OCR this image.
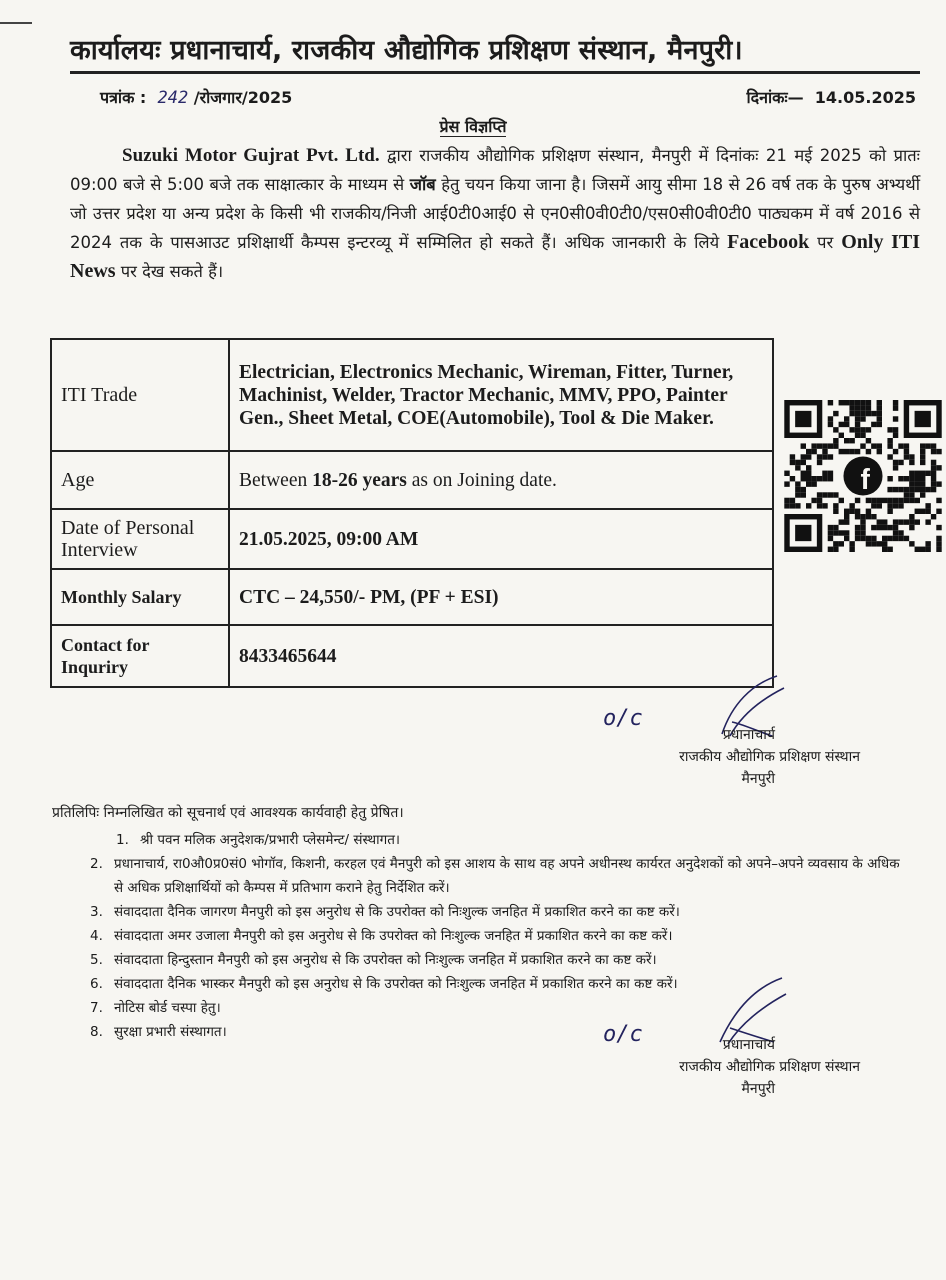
कार्यालयः प्रधानाचार्य, राजकीय औद्योगिक प्रशिक्षण संस्थान, मैनपुरी।
पत्रांक : 242 /रोजगार/2025	दिनांकः— 14.05.2025
प्रेस विज्ञप्ति
Suzuki Motor Gujrat Pvt. Ltd. द्वारा राजकीय औद्योगिक प्रशिक्षण संस्थान, मैनपुरी में दिनांकः 21 मई 2025 को प्रातः 09:00 बजे से 5:00 बजे तक साक्षात्कार के माध्यम से जॉब हेतु चयन किया जाना है। जिसमें आयु सीमा 18 से 26 वर्ष तक के पुरुष अभ्यर्थी जो उत्तर प्रदेश या अन्य प्रदेश के किसी भी राजकीय/निजी आई0टी0आई0 से एन0सी0वी0टी0/एस0सी0वी0टी0 पाठ्यकम में वर्ष 2016 से 2024 तक के पासआउट प्रशिक्षार्थी कैम्पस इन्टरव्यू में सम्मिलित हो सकते हैं। अधिक जानकारी के लिये Facebook पर Only ITI News पर देख सकते हैं।
ITI Trade	Electrician, Electronics Mechanic, Wireman, Fitter, Turner, Machinist, Welder, Tractor Mechanic, MMV, PPO, Painter Gen., Sheet Metal, COE(Automobile), Tool & Die Maker.
Age	Between 18-26 years as on Joining date.
Date of Personal Interview	21.05.2025, 09:00 AM
Monthly Salary	CTC – 24,550/- PM, (PF + ESI)
Contact for Inquriry	8433465644
f
o/c
प्रधानाचार्य
राजकीय औद्योगिक प्रशिक्षण संस्थान
मैनपुरी
प्रतिलिपिः निम्नलिखित को सूचनार्थ एवं आवश्यक कार्यवाही हेतु प्रेषित।
1. श्री पवन मलिक अनुदेशक/प्रभारी प्लेसमेन्ट/ संस्थागत।
2. प्रधानाचार्य, रा0औ0प्र0सं0 भोगॉव, किशनी, करहल एवं मैनपुरी को इस आशय के साथ वह अपने अधीनस्थ कार्यरत अनुदेशकों को अपने–अपने व्यवसाय के अधिक से अधिक प्रशिक्षार्थियों को कैम्पस में प्रतिभाग कराने हेतु निर्देशित करें।
3. संवाददाता दैनिक जागरण मैनपुरी को इस अनुरोध से कि उपरोक्त को निःशुल्क जनहित में प्रकाशित करने का कष्ट करें।
4. संवाददाता अमर उजाला मैनपुरी को इस अनुरोध से कि उपरोक्त को निःशुल्क जनहित में प्रकाशित करने का कष्ट करें।
5. संवाददाता हिन्दुस्तान मैनपुरी को इस अनुरोध से कि उपरोक्त को निःशुल्क जनहित में प्रकाशित करने का कष्ट करें।
6. संवाददाता दैनिक भास्कर मैनपुरी को इस अनुरोध से कि उपरोक्त को निःशुल्क जनहित में प्रकाशित करने का कष्ट करें।
7. नोटिस बोर्ड चस्पा हेतु।
8. सुरक्षा प्रभारी संस्थागत।	o/c	प्रधानाचार्य
राजकीय औद्योगिक प्रशिक्षण संस्थान
मैनपुरी
